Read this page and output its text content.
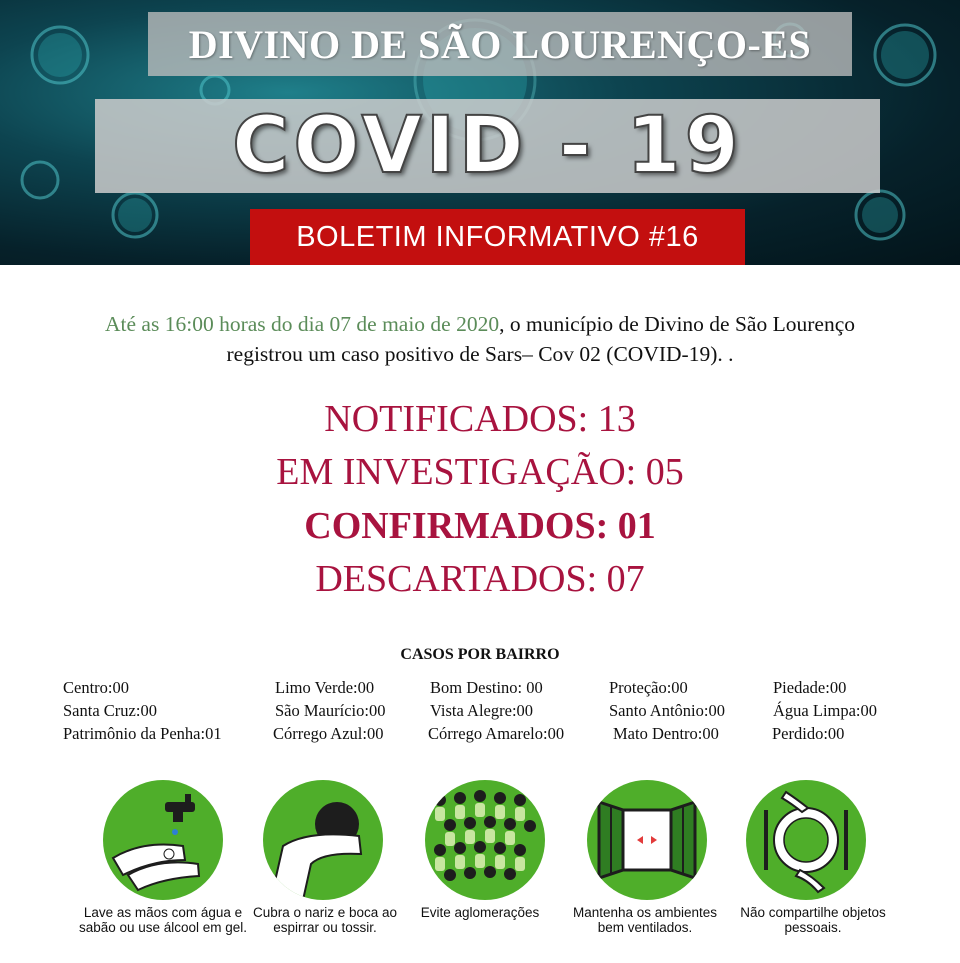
DIVINO DE SÃO LOURENÇO-ES
COVID - 19
BOLETIM INFORMATIVO #16
Até as 16:00 horas do dia 07 de maio de 2020, o município de Divino de São Lourenço
registrou um caso positivo de Sars– Cov 02 (COVID-19). .
NOTIFICADOS: 13
EM INVESTIGAÇÃO: 05
CONFIRMADOS: 01
DESCARTADOS: 07
CASOS POR BAIRRO
Centro:00	Limo Verde:00	Bom Destino: 00	Proteção:00	Piedade:00
Santa Cruz:00	São Maurício:00	Vista Alegre:00	Santo Antônio:00	Água Limpa:00
Patrimônio da Penha:01	Córrego Azul:00	Córrego Amarelo:00	Mato Dentro:00	Perdido:00
Lave as mãos com água e sabão ou use álcool em gel.
Cubra o nariz e boca ao espirrar ou tossir.
Evite aglomerações	Mantenha os ambientes bem ventilados.
Não compartilhe objetos pessoais.
